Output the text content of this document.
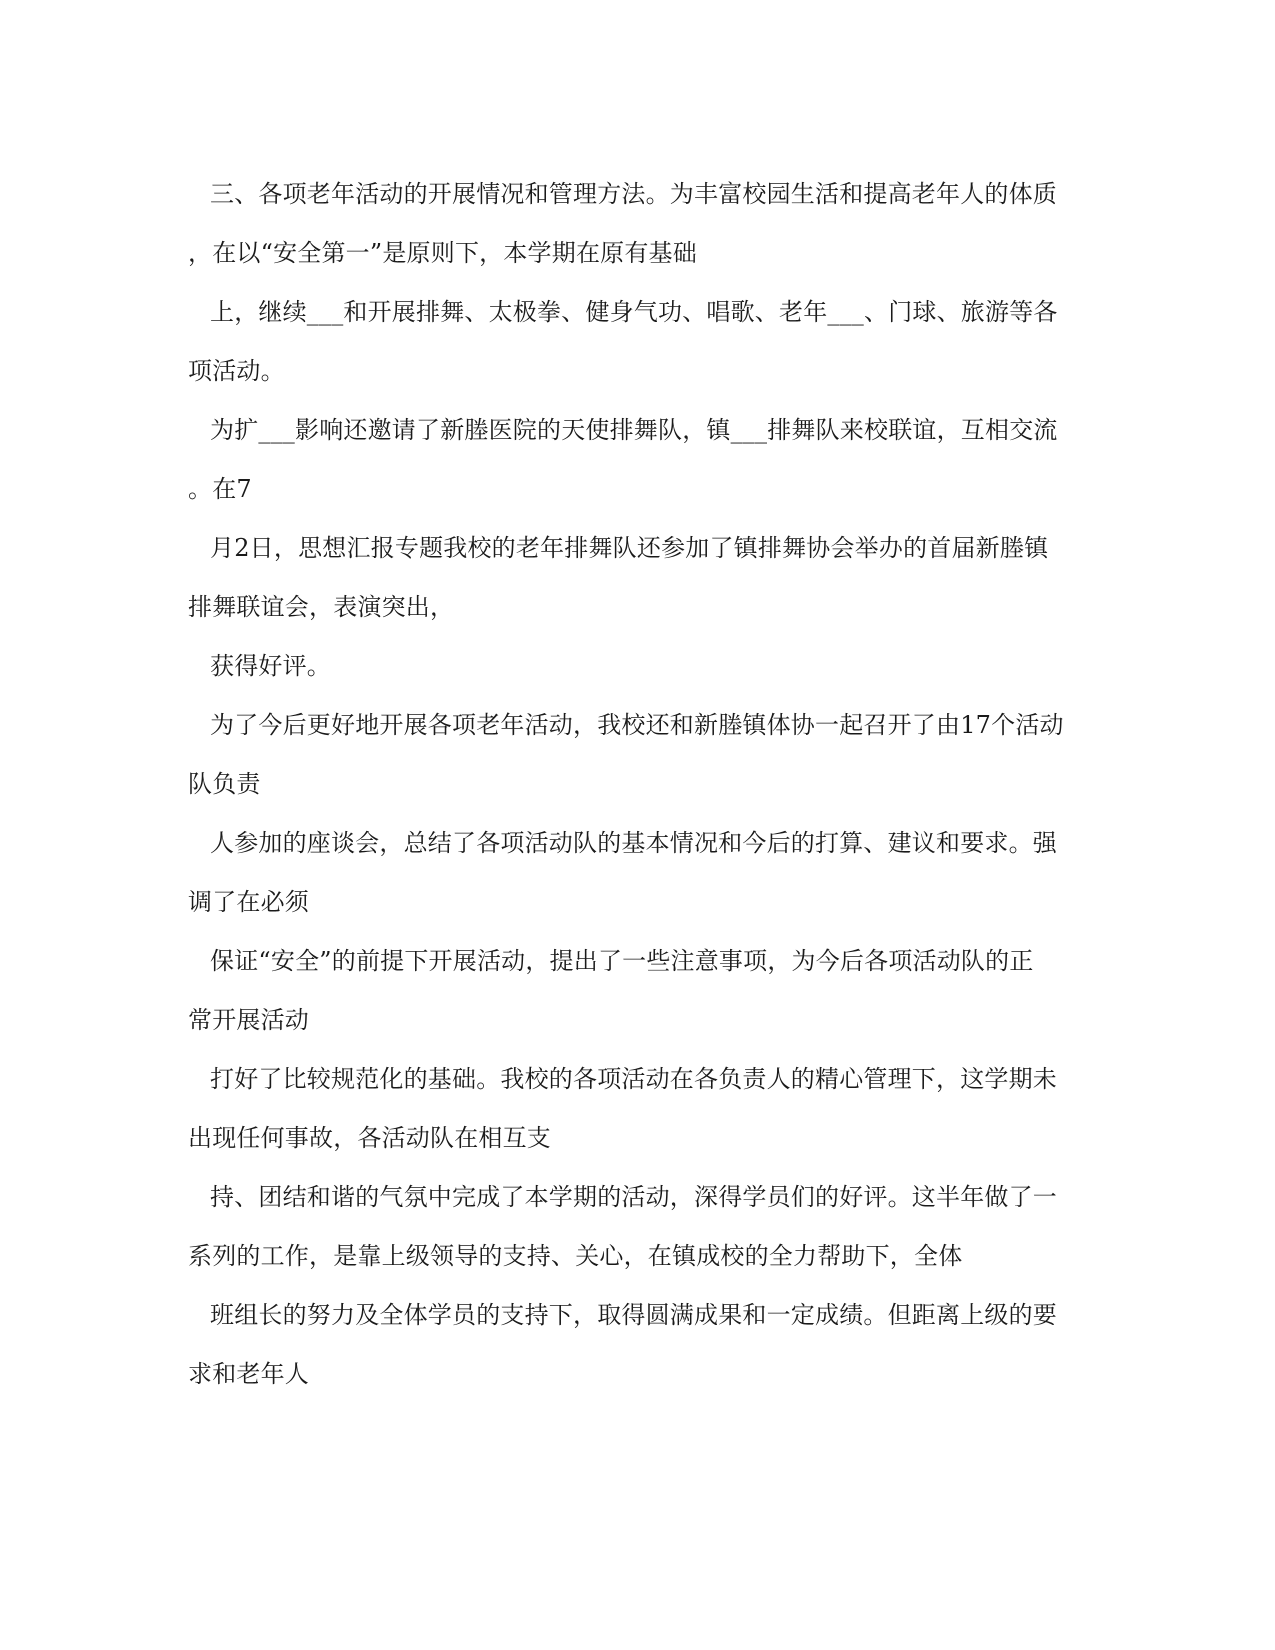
三、各项老年活动的开展情况和管理方法。为丰富校园生活和提高老年人的体质
，在以“安全第一”是原则下，本学期在原有基础
上，继续___和开展排舞、太极拳、健身气功、唱歌、老年___、门球、旅游等各
项活动。
为扩___影响还邀请了新塍医院的天使排舞队，镇___排舞队来校联谊，互相交流
。在7
月2日，思想汇报专题我校的老年排舞队还参加了镇排舞协会举办的首届新塍镇
排舞联谊会，表演突出，
获得好评。
为了今后更好地开展各项老年活动，我校还和新塍镇体协一起召开了由17个活动
队负责
人参加的座谈会，总结了各项活动队的基本情况和今后的打算、建议和要求。强
调了在必须
保证“安全”的前提下开展活动，提出了一些注意事项，为今后各项活动队的正
常开展活动
打好了比较规范化的基础。我校的各项活动在各负责人的精心管理下，这学期未
出现任何事故，各活动队在相互支
持、团结和谐的气氛中完成了本学期的活动，深得学员们的好评。这半年做了一
系列的工作，是靠上级领导的支持、关心，在镇成校的全力帮助下，全体
班组长的努力及全体学员的支持下，取得圆满成果和一定成绩。但距离上级的要
求和老年人
